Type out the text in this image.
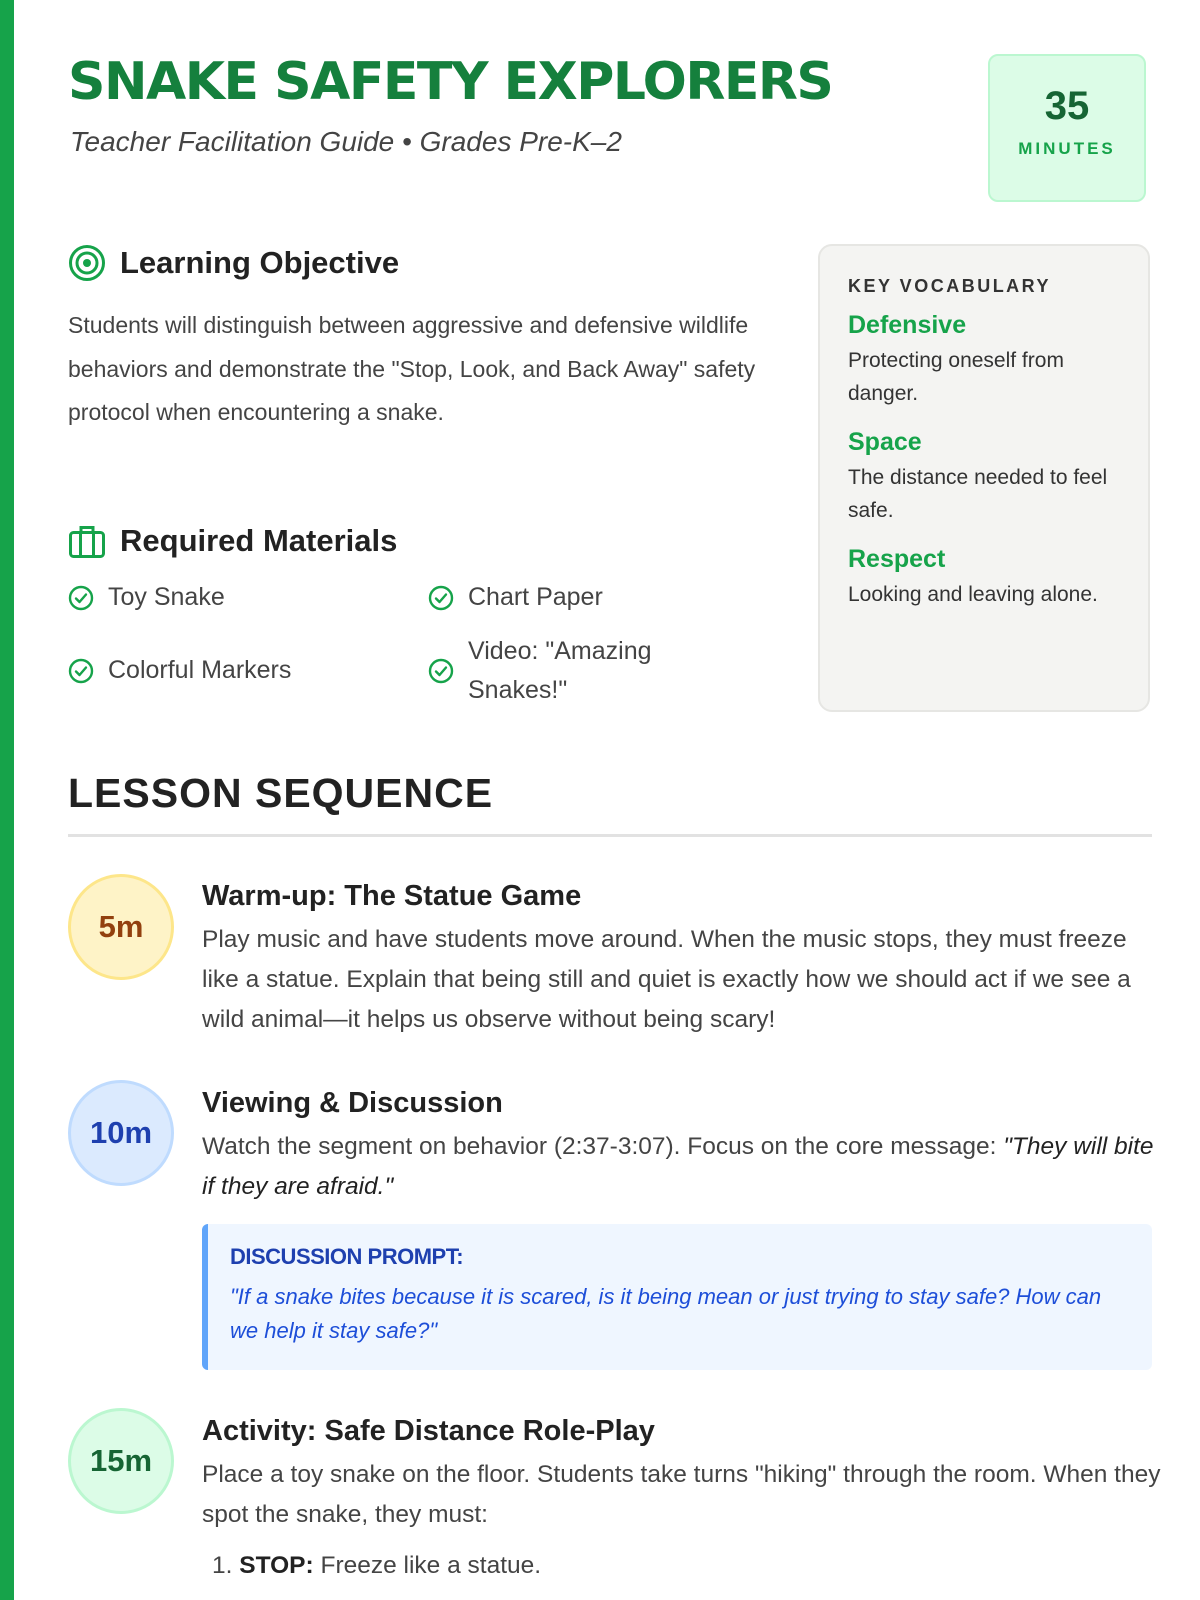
SNAKE SAFETY EXPLORERS

Teacher Facilitation Guide • Grades Pre-K–2

35
MINUTES
Learning Objective

Students will distinguish between aggressive and defensive wildlife behaviors and demonstrate the "Stop, Look, and Back Away" safety protocol when encountering a snake.

Required Materials
Toy Snake	Chart Paper
Colorful Markers
Video: "Amazing Snakes!"

KEY VOCABULARY

Defensive

Protecting oneself from danger.

Space

The distance needed to feel safe.

Respect

Looking and leaving alone.

LESSON SEQUENCE
5m
Warm-up: The Statue Game

Play music and have students move around. When the music stops, they must freeze like a statue. Explain that being still and quiet is exactly how we should act if we see a wild animal—it helps us observe without being scary!

10m
Viewing & Discussion

Watch the segment on behavior (2:37-3:07). Focus on the core message: "They will bite if they are afraid."

DISCUSSION PROMPT:

"If a snake bites because it is scared, is it being mean or just trying to stay safe? How can we help it stay safe?"

15m
Activity: Safe Distance Role-Play

Place a toy snake on the floor. Students take turns "hiking" through the room. When they spot the snake, they must:

1. STOP: Freeze like a statue.
